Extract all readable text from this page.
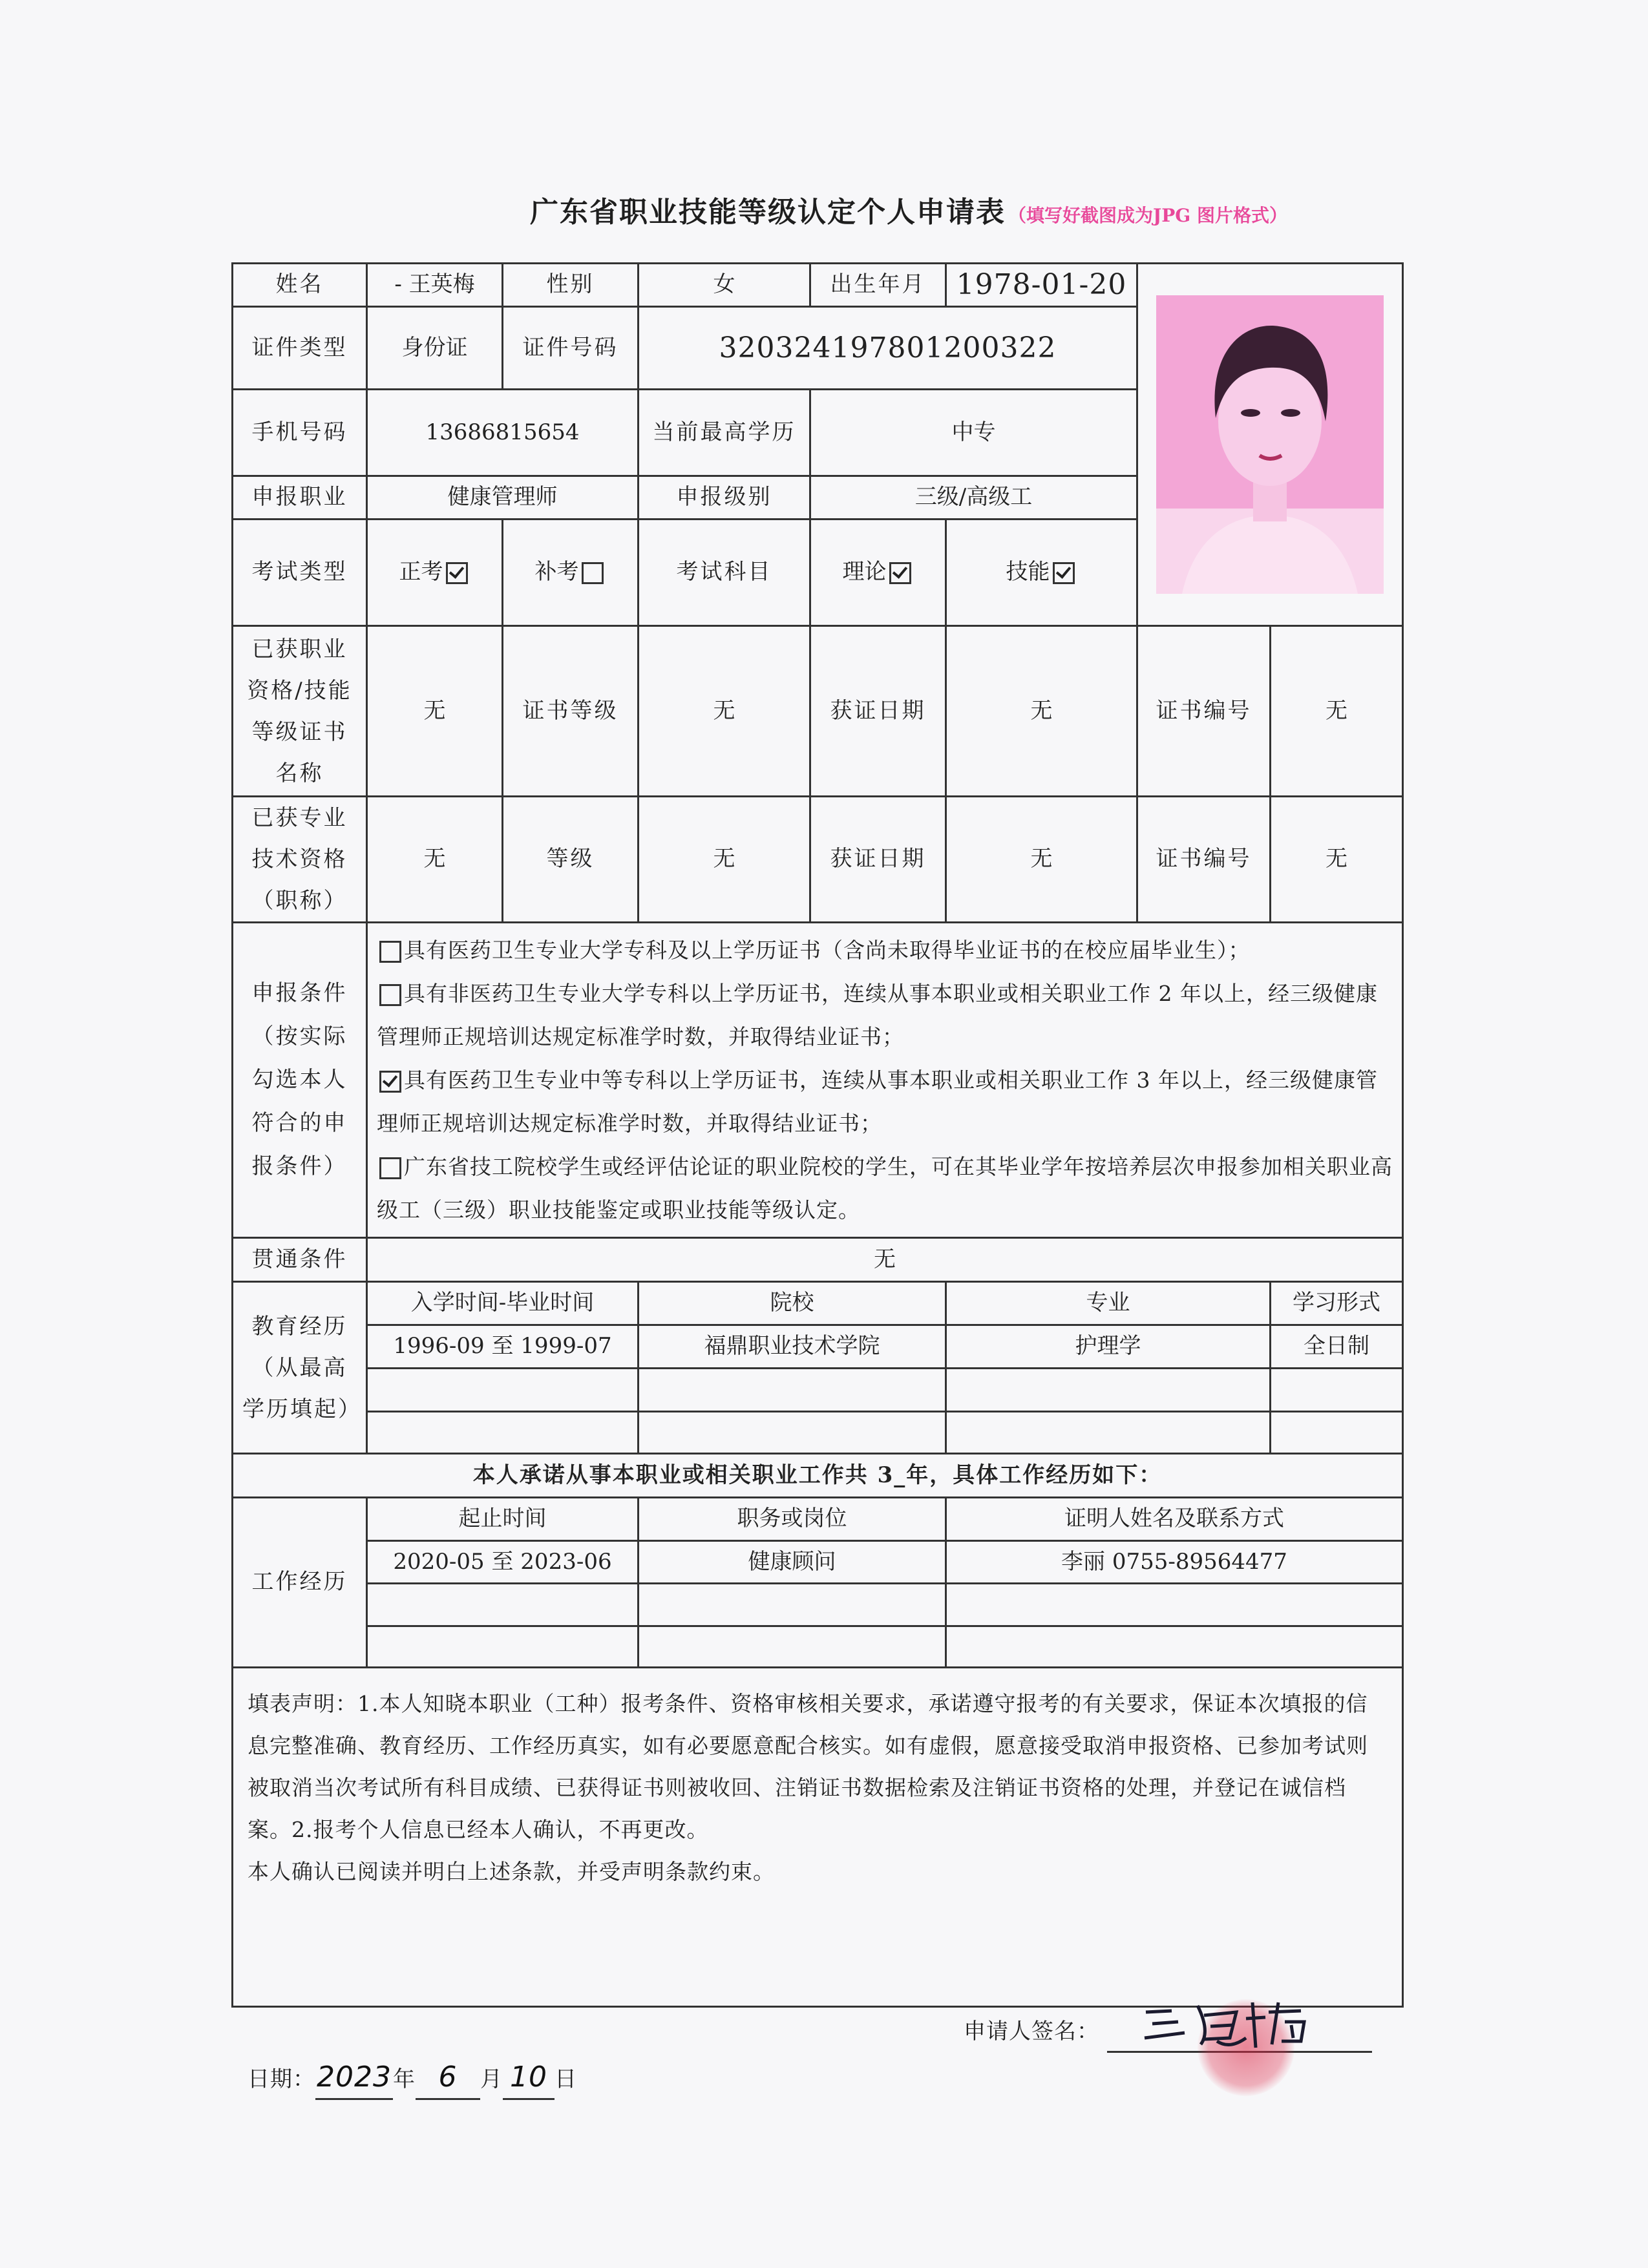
广东省职业技能等级认定个人申请表 （填写好截图成为JPG 图片格式）
姓名	- 王英梅	性别	女	出生年月	1978-01-20	

证件类型	身份证	证件号码	320324197801200322				
手机号码	13686815654		当前最高学历	中专			
申报职业	健康管理师		申报级别	三级/高级工			
考试类型	正考	补考	考试科目	理论	技能		
已获职业资格/技能等级证书名称	无	证书等级	无	获证日期	无	证书编号	无
已获专业技术资格（职称）	无	等级	无	获证日期	无	证书编号	无
申报条件（按实际勾选本人符合的申报条件）	具有医药卫生专业大学专科及以上学历证书（含尚未取得毕业证书的在校应届毕业生）；
具有非医药卫生专业大学专科以上学历证书，连续从事本职业或相关职业工作 2 年以上，经三级健康管理师正规培训达规定标准学时数，并取得结业证书；
具有医药卫生专业中等专科以上学历证书，连续从事本职业或相关职业工作 3 年以上，经三级健康管理师正规培训达规定标准学时数，并取得结业证书；
广东省技工院校学生或经评估论证的职业院校的学生，可在其毕业学年按培养层次申报参加相关职业高级工（三级）职业技能鉴定或职业技能等级认定。						

贯通条件	无						
教育经历（从最高学历填起）	入学时间-毕业时间		院校		专业		学习形式
	1996-09 至 1999-07		福鼎职业技术学院		护理学		全日制

本人承诺从事本职业或相关职业工作共 3_年，具体工作经历如下：							
工作经历	起止时间		职务或岗位		证明人姓名及联系方式		
	2020-05 至 2023-06		健康顾问		李丽 0755-89564477		

填表声明：1.本人知晓本职业（工种）报考条件、资格审核相关要求，承诺遵守报考的有关要求，保证本次填报的信息完整准确、教育经历、工作经历真实，如有必要愿意配合核实。如有虚假，愿意接受取消申报资格、已参加考试则被取消当次考试所有科目成绩、已获得证书则被收回、注销证书数据检索及注销证书资格的处理，并登记在诚信档案。2.报考个人信息已经本人确认，不再更改。
本人确认已阅读并明白上述条款，并受声明条款约束。
申请人签名：
日期：2023年 6 月 10 日							
